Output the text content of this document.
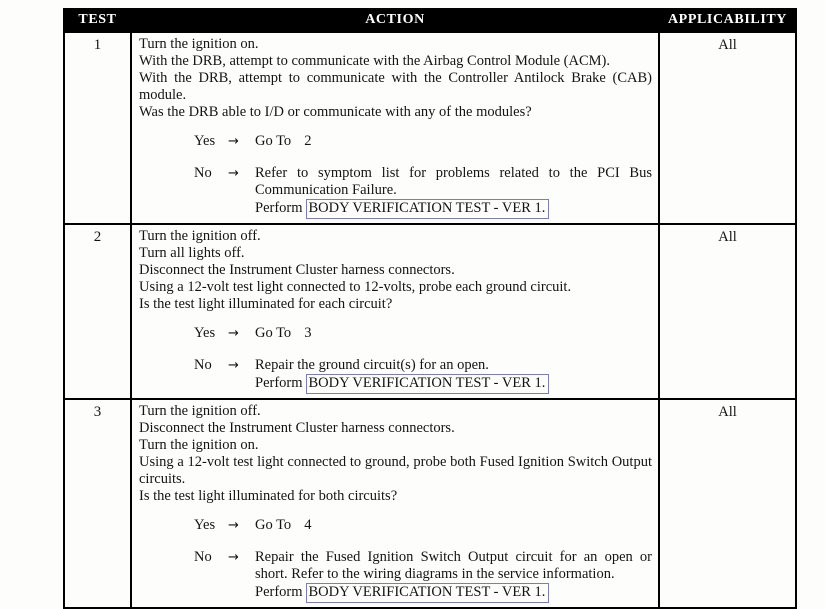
TEST	ACTION	APPLICABILITY
1	Turn the ignition on.
With the DRB, attempt to communicate with the Airbag Control Module (ACM).
With the DRB, attempt to communicate with the Controller Antilock Brake (CAB) module.
Was the DRB able to I/D or communicate with any of the modules?
Yes →	Go To 2
No	→	Refer to symptom list for problems related to the PCI Bus Communication Failure.
Perform BODY VERIFICATION TEST - VER 1.
	All
2	Turn the ignition off.
Turn all lights off.
Disconnect the Instrument Cluster harness connectors.
Using a 12-volt test light connected to 12-volts, probe each ground circuit.
Is the test light illuminated for each circuit?
Yes →	Go To 3
No	→	Repair the ground circuit(s) for an open.
Perform BODY VERIFICATION TEST - VER 1.
	All
3	Turn the ignition off.
Disconnect the Instrument Cluster harness connectors.
Turn the ignition on.
Using a 12-volt test light connected to ground, probe both Fused Ignition Switch Output circuits.
Is the test light illuminated for both circuits?
Yes →	Go To 4
No	→	Repair the Fused Ignition Switch Output circuit for an open or short. Refer to the wiring diagrams in the service information.
Perform BODY VERIFICATION TEST - VER 1.
	All
